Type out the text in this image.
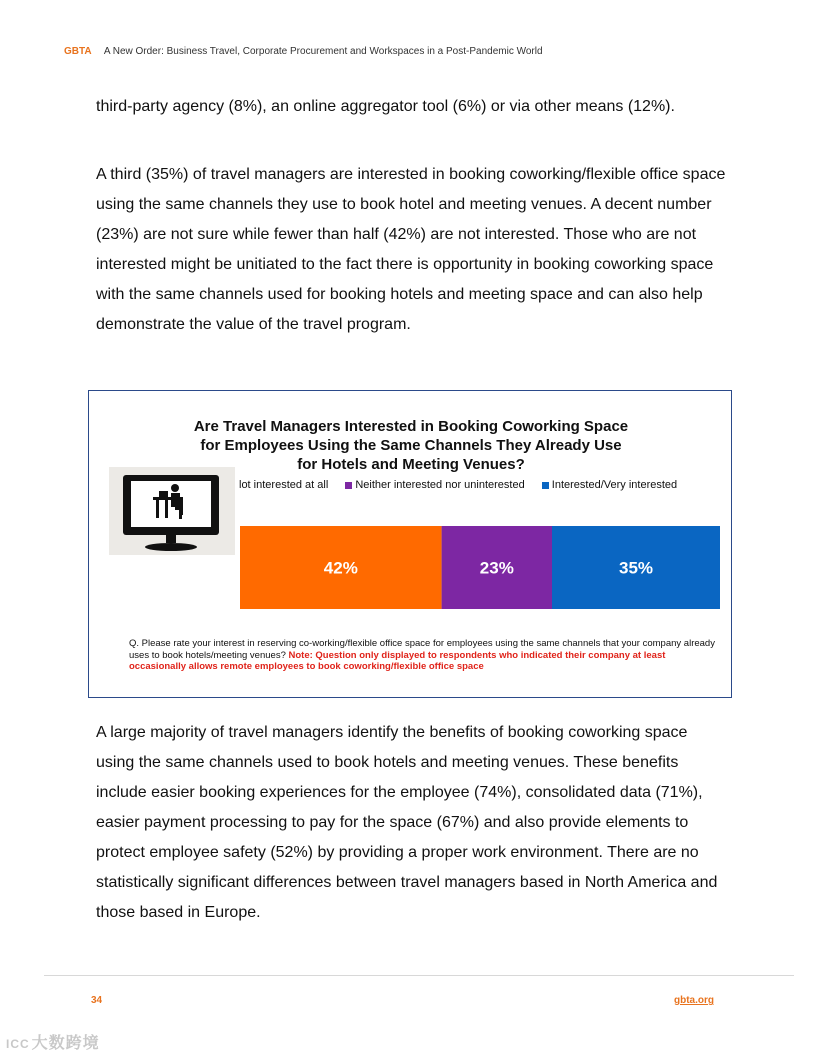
GBTA A New Order: Business Travel, Corporate Procurement and Workspaces in a Post-Pandemic World

third-party agency (8%), an online aggregator tool (6%) or via other means (12%).

A third (35%) of travel managers are interested in booking coworking/flexible office space using the same channels they use to book hotel and meeting venues. A decent number (23%) are not sure while fewer than half (42%) are not interested. Those who are not interested might be unitiated to the fact there is opportunity in booking coworking space with the same channels used for booking hotels and meeting space and can also help demonstrate the value of the travel program.

Are Travel Managers Interested in Booking Coworking Space
for Employees Using the Same Channels They Already Use
for Hotels and Meeting Venues?
lot interested at all Neither interested nor uninterested Interested/Very interested
42%	23%	35%
Q. Please rate your interest in reserving co-working/flexible office space for employees using the same channels that your company already uses to book hotels/meeting venues? Note: Question only displayed to respondents who indicated their company at least occasionally allows remote employees to book coworking/flexible office space

A large majority of travel managers identify the benefits of booking coworking space using the same channels used to book hotels and meeting venues. These benefits include easier booking experiences for the employee (74%), consolidated data (71%), easier payment processing to pay for the space (67%) and also provide elements to protect employee safety (52%) by providing a proper work environment. There are no statistically significant differences between travel managers based in North America and those based in Europe.

34	gbta.org
ICC 大数跨境
